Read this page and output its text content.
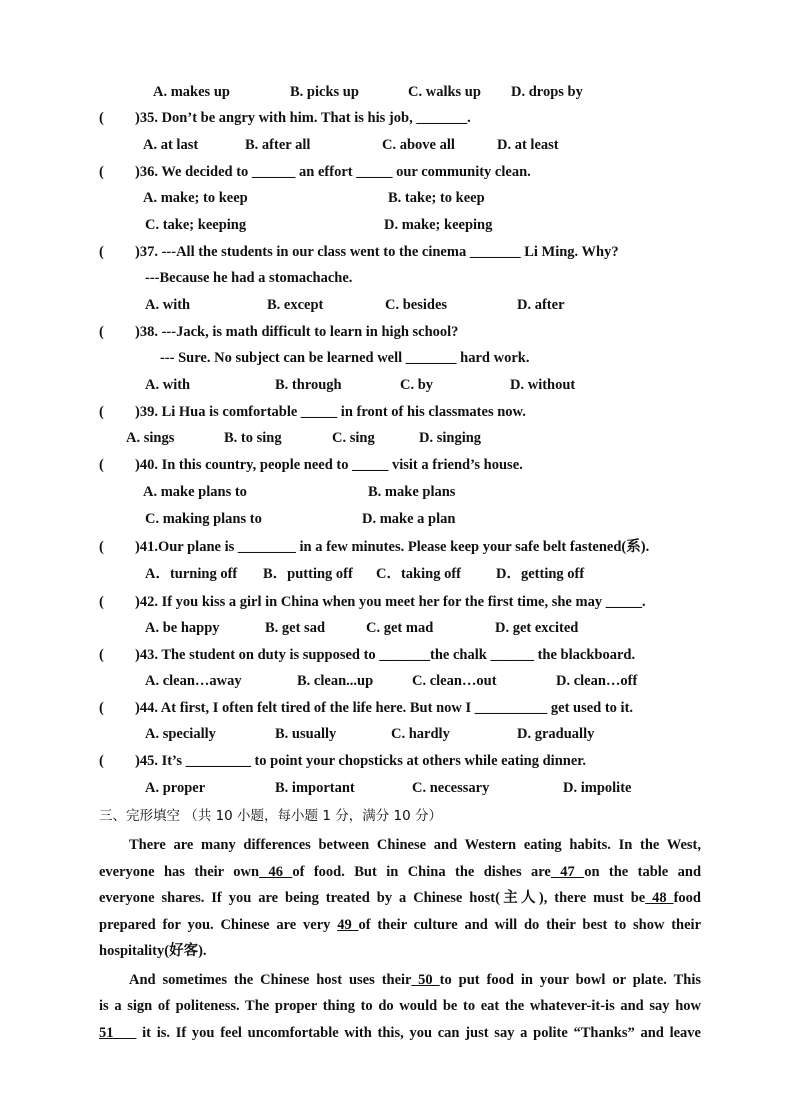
A. makes up	B. picks up	C. walks up D. drops by
( )35. Don’t be angry with him. That is his job, _______.
A. at last	B. after all	C. above all	D. at least
( )36. We decided to ______ an effort _____ our community clean.
A. make; to keep	B. take; to keep
C. take; keeping	D. make; keeping
( )37. ---All the students in our class went to the cinema _______ Li Ming. Why?
---Because he had a stomachache.
A. with	B. except	C. besides	D. after
( )38. ---Jack, is math difficult to learn in high school?
--- Sure. No subject can be learned well _______ hard work.
A. with	B. through	C. by	D. without
( )39. Li Hua is comfortable _____ in front of his classmates now.
A. sings	B. to sing	C. sing	D. singing
( )40. In this country, people need to _____ visit a friend’s house.
A. make plans to	B. make plans
C. making plans to	D. make a plan
( )41.Our plane is ________ in a few minutes. Please keep your safe belt fastened(系).
A．turning off B．putting off C．taking off D．getting off
( )42. If you kiss a girl in China when you meet her for the first time, she may _____.
A. be happy	B. get sad	C. get mad	D. get excited
( )43. The student on duty is supposed to _______the chalk ______ the blackboard.
A. clean…away	B. clean...up	C. clean…out	D. clean…off
( )44. At first, I often felt tired of the life here. But now I __________ get used to it.
A. specially	B. usually	C. hardly	D. gradually
( )45. It’s _________ to point your chopsticks at others while eating dinner.
A. proper	B. important	C. necessary	D. impolite
三、完形填空 （共 10 小题，每小题 1 分，满分 10 分）

There are many differences between Chinese and Western eating habits. In the West,

everyone has their own 46 of food. But in China the dishes are 47 on the table and

everyone shares. If you are being treated by a Chinese host(主人), there must be 48 food

prepared for you. Chinese are very 49 of their culture and will do their best to show their

hospitality(好客).

And sometimes the Chinese host uses their 50 to put food in your bowl or plate. This

is a sign of politeness. The proper thing to do would be to eat the whatever-it-is and say how

51     it is. If you feel uncomfortable with this, you can just say a polite “Thanks” and leave
